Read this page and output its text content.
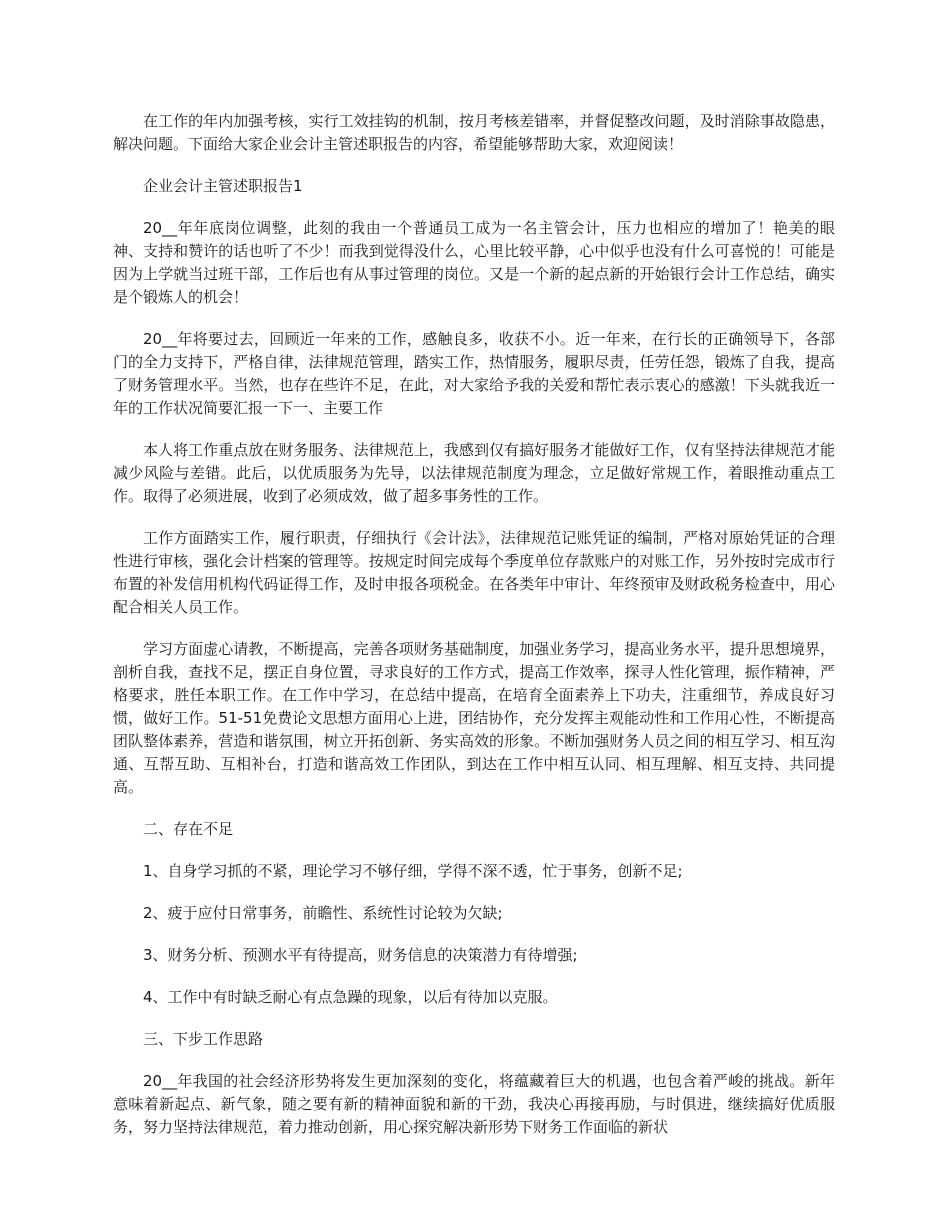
在工作的年内加强考核，实行工效挂钩的机制，按月考核差错率，并督促整改问题，及时消除事故隐患，解决问题。下面给大家企业会计主管述职报告的内容，希望能够帮助大家，欢迎阅读！

企业会计主管述职报告1

20__年年底岗位调整，此刻的我由一个普通员工成为一名主管会计，压力也相应的增加了！艳美的眼神、支持和赞许的话也听了不少！而我到觉得没什么，心里比较平静，心中似乎也没有什么可喜悦的！可能是因为上学就当过班干部，工作后也有从事过管理的岗位。又是一个新的起点新的开始银行会计工作总结，确实是个锻炼人的机会！

20__年将要过去，回顾近一年来的工作，感触良多，收获不小。近一年来，在行长的正确领导下，各部门的全力支持下，严格自律，法律规范管理，踏实工作，热情服务，履职尽责，任劳任怨，锻炼了自我，提高了财务管理水平。当然，也存在些许不足，在此，对大家给予我的关爱和帮忙表示衷心的感激！下头就我近一年的工作状况简要汇报一下一、主要工作

本人将工作重点放在财务服务、法律规范上，我感到仅有搞好服务才能做好工作，仅有坚持法律规范才能减少风险与差错。此后，以优质服务为先导，以法律规范制度为理念，立足做好常规工作，着眼推动重点工作。取得了必须进展，收到了必须成效，做了超多事务性的工作。

工作方面踏实工作，履行职责，仔细执行《会计法》，法律规范记账凭证的编制，严格对原始凭证的合理性进行审核，强化会计档案的管理等。按规定时间完成每个季度单位存款账户的对账工作，另外按时完成市行布置的补发信用机构代码证得工作，及时申报各项税金。在各类年中审计、年终预审及财政税务检查中，用心配合相关人员工作。

学习方面虚心请教，不断提高，完善各项财务基础制度，加强业务学习，提高业务水平，提升思想境界，剖析自我，查找不足，摆正自身位置，寻求良好的工作方式，提高工作效率，探寻人性化管理，振作精神，严格要求，胜任本职工作。在工作中学习，在总结中提高，在培育全面素养上下功夫，注重细节，养成良好习惯，做好工作。51-51免费论文思想方面用心上进，团结协作，充分发挥主观能动性和工作用心性，不断提高团队整体素养，营造和谐氛围，树立开拓创新、务实高效的形象。不断加强财务人员之间的相互学习、相互沟通、互帮互助、互相补台，打造和谐高效工作团队，到达在工作中相互认同、相互理解、相互支持、共同提高。

二、存在不足

1、自身学习抓的不紧，理论学习不够仔细，学得不深不透，忙于事务，创新不足;

2、疲于应付日常事务，前瞻性、系统性讨论较为欠缺;

3、财务分析、预测水平有待提高，财务信息的决策潜力有待增强;

4、工作中有时缺乏耐心有点急躁的现象，以后有待加以克服。

三、下步工作思路

20__年我国的社会经济形势将发生更加深刻的变化，将蕴藏着巨大的机遇，也包含着严峻的挑战。新年意味着新起点、新气象，随之要有新的精神面貌和新的干劲，我决心再接再励，与时俱进，继续搞好优质服务，努力坚持法律规范，着力推动创新，用心探究解决新形势下财务工作面临的新状
